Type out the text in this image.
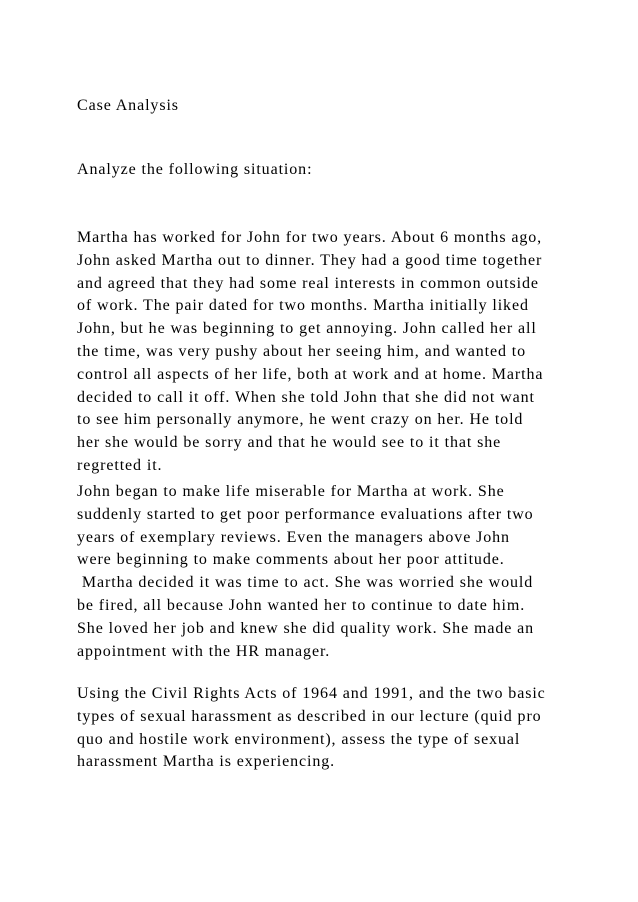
Case Analysis
Analyze the following situation:
Martha has worked for John for two years. About 6 months ago,
John asked Martha out to dinner. They had a good time together
and agreed that they had some real interests in common outside
of work. The pair dated for two months. Martha initially liked
John, but he was beginning to get annoying. John called her all
the time, was very pushy about her seeing him, and wanted to
control all aspects of her life, both at work and at home. Martha
decided to call it off. When she told John that she did not want
to see him personally anymore, he went crazy on her. He told
her she would be sorry and that he would see to it that she
regretted it.
John began to make life miserable for Martha at work. She
suddenly started to get poor performance evaluations after two
years of exemplary reviews. Even the managers above John
were beginning to make comments about her poor attitude.
Martha decided it was time to act. She was worried she would
be fired, all because John wanted her to continue to date him.
She loved her job and knew she did quality work. She made an
appointment with the HR manager.
Using the Civil Rights Acts of 1964 and 1991, and the two basic
types of sexual harassment as described in our lecture (quid pro
quo and hostile work environment), assess the type of sexual
harassment Martha is experiencing.
